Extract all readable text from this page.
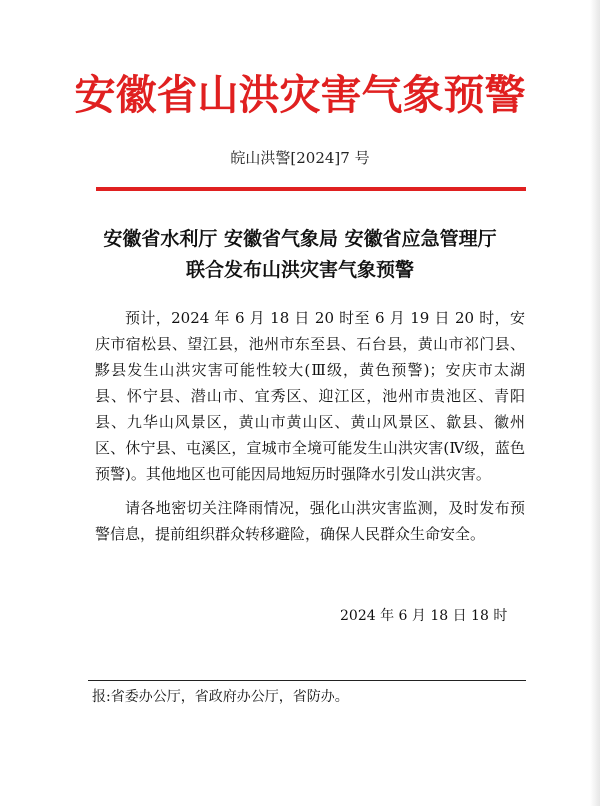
安徽省山洪灾害气象预警
皖山洪警[2024]7 号
安徽省水利厅 安徽省气象局 安徽省应急管理厅
联合发布山洪灾害气象预警

预计，2024 年 6 月 18 日 20 时至 6 月 19 日 20 时，安庆市宿松县、望江县，池州市东至县、石台县，黄山市祁门县、黟县发生山洪灾害可能性较大(Ⅲ级，黄色预警)；安庆市太湖县、怀宁县、潜山市、宜秀区、迎江区，池州市贵池区、青阳县、九华山风景区，黄山市黄山区、黄山风景区、歙县、徽州区、休宁县、屯溪区，宣城市全境可能发生山洪灾害(Ⅳ级，蓝色预警)。其他地区也可能因局地短历时强降水引发山洪灾害。

请各地密切关注降雨情况，强化山洪灾害监测，及时发布预警信息，提前组织群众转移避险，确保人民群众生命安全。

2024 年 6 月 18 日 18 时
报:省委办公厅，省政府办公厅，省防办。
